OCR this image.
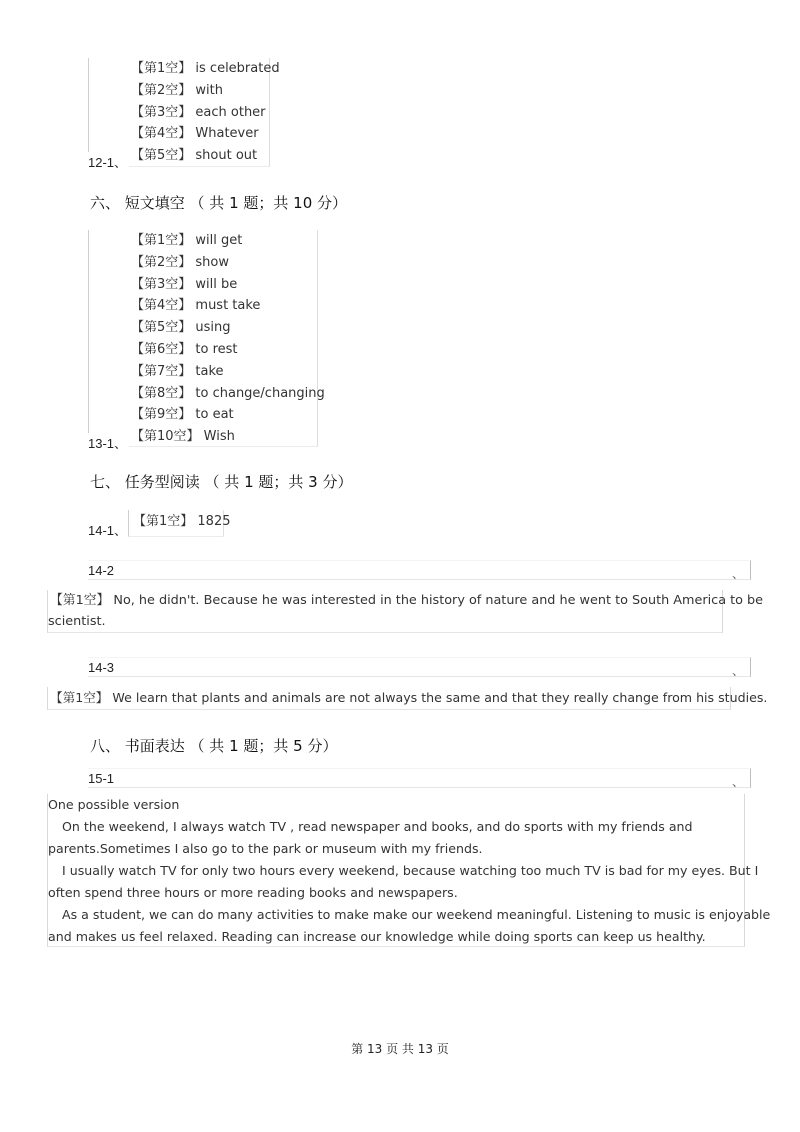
【第1空】 is celebrated
【第2空】 with
【第3空】 each other
【第4空】 Whatever
【第5空】 shout out
12-1、
六、 短文填空 （ 共 1 题；共 10 分）
【第1空】 will get
【第2空】 show
【第3空】 will be
【第4空】 must take
【第5空】 using
【第6空】 to rest
【第7空】 take
【第8空】 to change/changing
【第9空】 to eat
【第10空】 Wish
13-1、
七、 任务型阅读 （ 共 1 题；共 3 分）
14-1、
【第1空】 1825
14-2	、
【第1空】 No, he didn't. Because he was interested in the history of nature and he went to South America to be
scientist.
14-3	、
【第1空】 We learn that plants and animals are not always the same and that they really change from his studies.
八、 书面表达 （ 共 1 题；共 5 分）
15-1	、
One possible version
On the weekend, I always watch TV , read newspaper and books, and do sports with my friends and
parents.Sometimes I also go to the park or museum with my friends.
I usually watch TV for only two hours every weekend, because watching too much TV is bad for my eyes. But I
often spend three hours or more reading books and newspapers.
As a student, we can do many activities to make make our weekend meaningful. Listening to music is enjoyable
and makes us feel relaxed. Reading can increase our knowledge while doing sports can keep us healthy.
第 13 页 共 13 页
